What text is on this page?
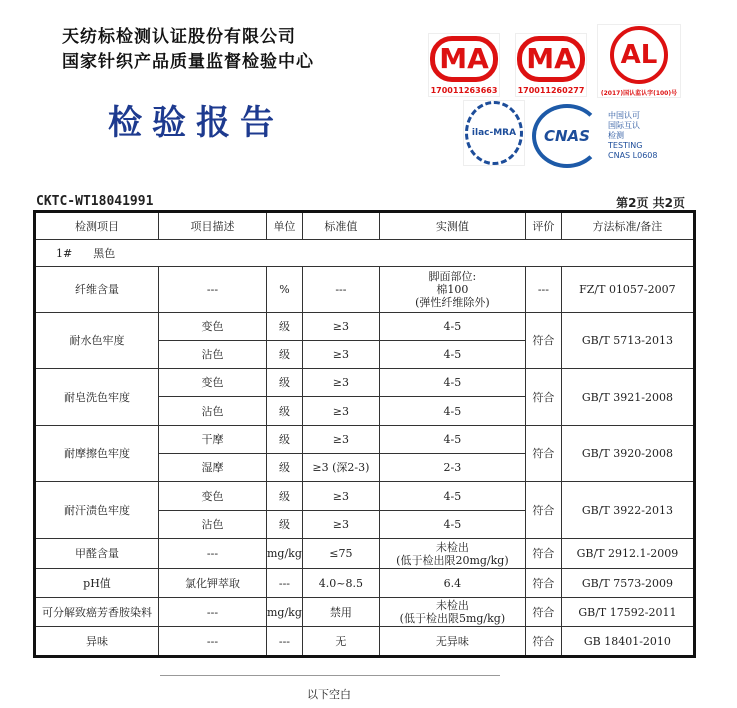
天纺标检测认证股份有限公司
国家针织产品质量监督检验中心
检验报告
MA
170011263663
MA
170011260277
AL
(2017)国认监认字(100)号
ilac-MRA	CNAS
中国认可
国际互认
检测
TESTING
CNAS L0608
CKTC-WT18041991	第2页 共2页
检测项目	项目描述	单位	标准值	实测值	评价	方法标准/备注
1#      黑色						
纤维含量	---	%	---	脚面部位:
棉100
(弹性纤维除外)	---	FZ/T 01057-2007
耐水色牢度	变色	级	≥3	4-5	符合	GB/T 5713-2013
	沾色	级	≥3	4-5		
耐皂洗色牢度	变色	级	≥3	4-5	符合	GB/T 3921-2008
	沾色	级	≥3	4-5		
耐摩擦色牢度	干摩	级	≥3	4-5	符合	GB/T 3920-2008
	湿摩	级	≥3 (深2-3)	2-3		
耐汗渍色牢度	变色	级	≥3	4-5	符合	GB/T 3922-2013
	沾色	级	≥3	4-5		
甲醛含量	---	mg/kg	≤75	未检出
(低于检出限20mg/kg)	符合	GB/T 2912.1-2009
pH值	氯化钾萃取	---	4.0~8.5	6.4	符合	GB/T 7573-2009
可分解致癌芳香胺染料	---	mg/kg	禁用	未检出
(低于检出限5mg/kg)	符合	GB/T 17592-2011
异味	---	---	无	无异味	符合	GB 18401-2010
以下空白
